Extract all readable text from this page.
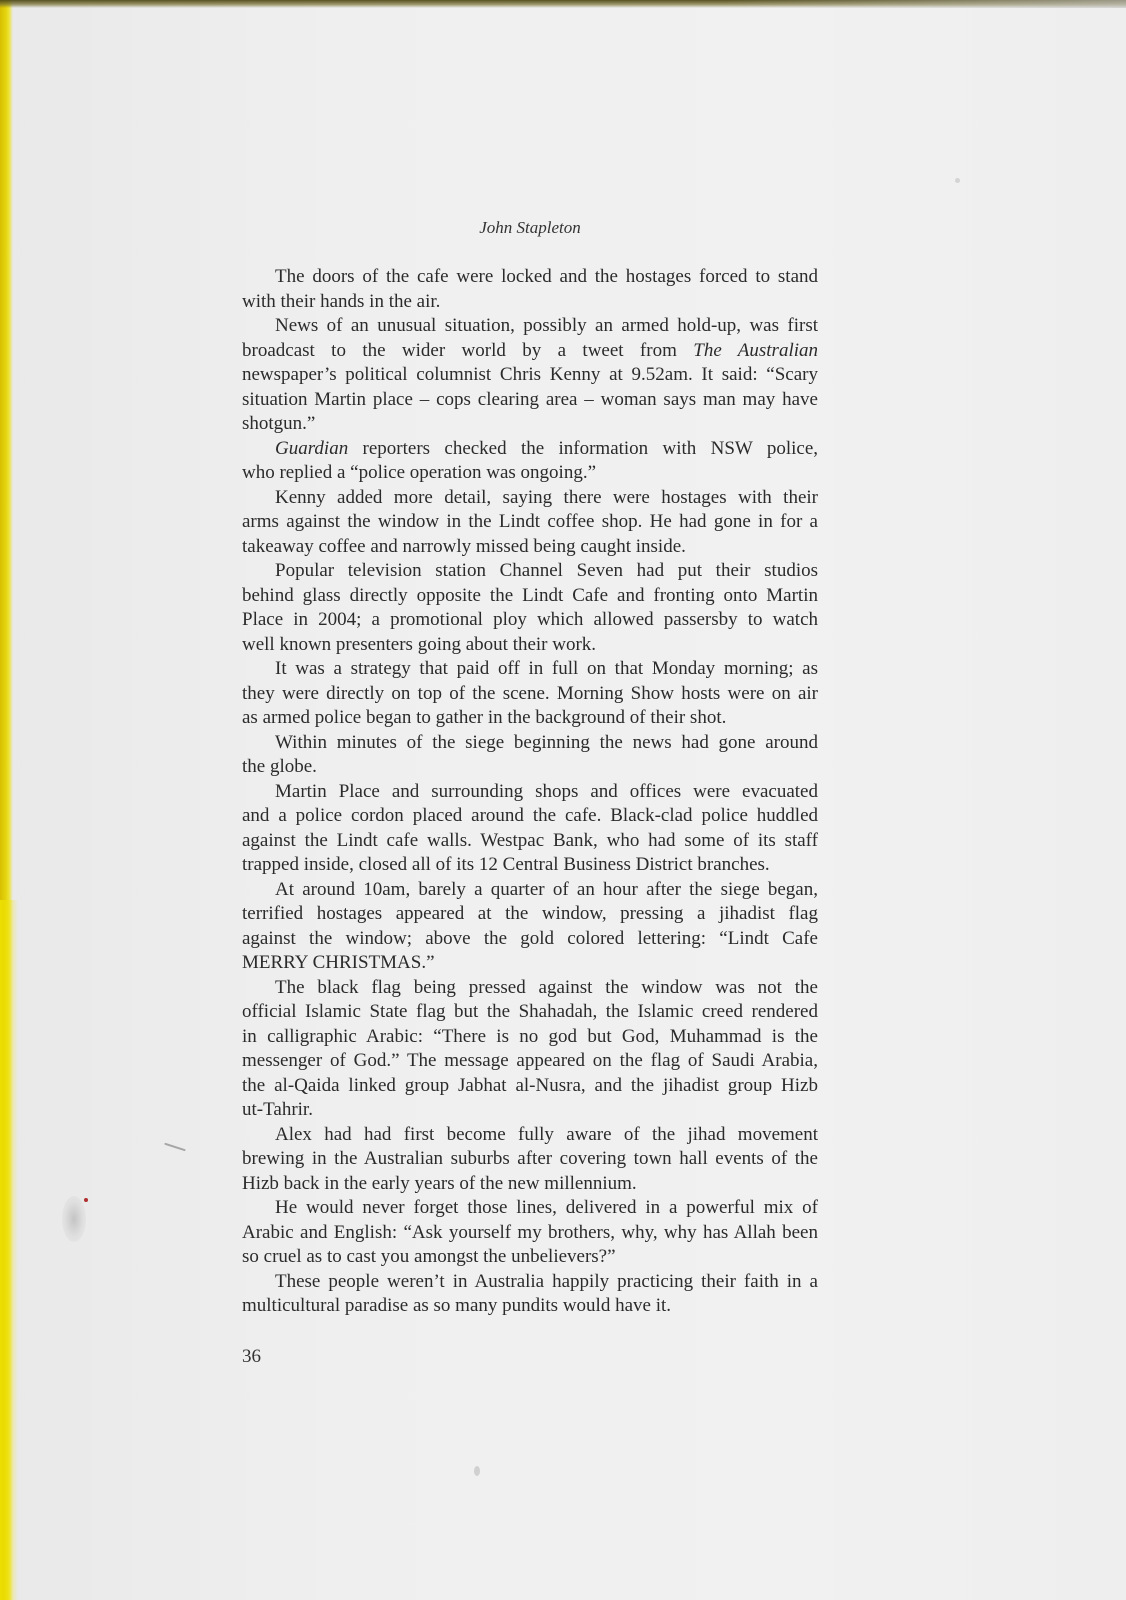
John Stapleton
The doors of the cafe were locked and the hostages forced to stand
with their hands in the air.
News of an unusual situation, possibly an armed hold-up, was first
broadcast to the wider world by a tweet from The Australian
newspaper’s political columnist Chris Kenny at 9.52am. It said: “Scary
situation Martin place – cops clearing area – woman says man may have
shotgun.”
Guardian reporters checked the information with NSW police,
who replied a “police operation was ongoing.”
Kenny added more detail, saying there were hostages with their
arms against the window in the Lindt coffee shop. He had gone in for a
takeaway coffee and narrowly missed being caught inside.
Popular television station Channel Seven had put their studios
behind glass directly opposite the Lindt Cafe and fronting onto Martin
Place in 2004; a promotional ploy which allowed passersby to watch
well known presenters going about their work.
It was a strategy that paid off in full on that Monday morning; as
they were directly on top of the scene. Morning Show hosts were on air
as armed police began to gather in the background of their shot.
Within minutes of the siege beginning the news had gone around
the globe.
Martin Place and surrounding shops and offices were evacuated
and a police cordon placed around the cafe. Black-clad police huddled
against the Lindt cafe walls. Westpac Bank, who had some of its staff
trapped inside, closed all of its 12 Central Business District branches.
At around 10am, barely a quarter of an hour after the siege began,
terrified hostages appeared at the window, pressing a jihadist flag
against the window; above the gold colored lettering: “Lindt Cafe
MERRY CHRISTMAS.”
The black flag being pressed against the window was not the
official Islamic State flag but the Shahadah, the Islamic creed rendered
in calligraphic Arabic: “There is no god but God, Muhammad is the
messenger of God.” The message appeared on the flag of Saudi Arabia,
the al-Qaida linked group Jabhat al-Nusra, and the jihadist group Hizb
ut-Tahrir.
Alex had had first become fully aware of the jihad movement
brewing in the Australian suburbs after covering town hall events of the
Hizb back in the early years of the new millennium.
He would never forget those lines, delivered in a powerful mix of
Arabic and English: “Ask yourself my brothers, why, why has Allah been
so cruel as to cast you amongst the unbelievers?”
These people weren’t in Australia happily practicing their faith in a
multicultural paradise as so many pundits would have it.
36
